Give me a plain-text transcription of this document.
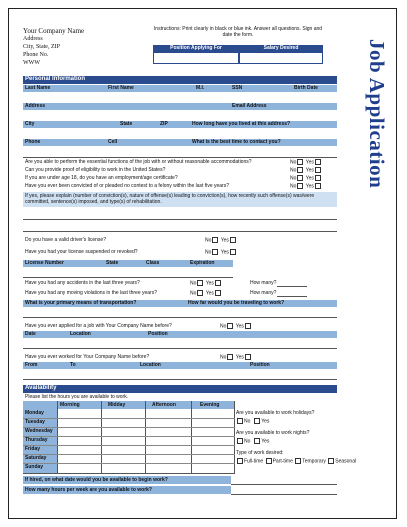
Your Company Name
Address
City, State, ZIP
Phone No.
WWW
Instructions: Print clearly in black or blue ink. Answer all questions. Sign and date the form.
Position Applying For	Salary Desired	Job Application
Personal Information
Last Name	First Name	M.I.	SSN	Birth Date
Address	Email Address
City	State	ZIP	How long have you lived at this address?
Phone	Cell	What is the best time to contact you?
Are you able to perform the essential functions of the job with or without reasonable accommodations?
Can you provide proof of eligibility to work in the United States?
If you are under age 18, do you have an employment/age certificate?
Have you ever been convicted of or pleaded no contest to a felony within the last five years?
No Yes
No Yes
No Yes
No Yes
If yes, please explain (number of conviction(s), nature of offense(s) leading to conviction(s), how recently such offense(s) was/were committed, sentence(s) imposed, and type(s) of rehabilitation.
Do you have a valid driver's license?	No Yes
Have you had your license suspended or revoked?	No Yes
License Number	State	Class	Expiration
Have you had any accidents in the last three years?	No Yes	How many?
Have you had any moving violations in the last three years?	No Yes	How many?
What is your primary means of transportation?	How far would you be traveling to work?
Have you ever applied for a job with Your Company Name before?	No Yes
Date	Location	Position
Have you ever worked for Your Company Name before?	No Yes
From	To	Location	Position
Availability
Please list the hours you are available to work.
Morning	Midday	Afternoon	Evening
Monday
Tuesday
Wednesday
Thursday
Friday
Saturday
Sunday
Are you available to work holidays?
No Yes
Are you available to work nights?
No Yes
Type of work desired:
Full-time Part-time Temporary Seasonal
If hired, on what date would you be available to begin work?
How many hours per week are you available to work?
